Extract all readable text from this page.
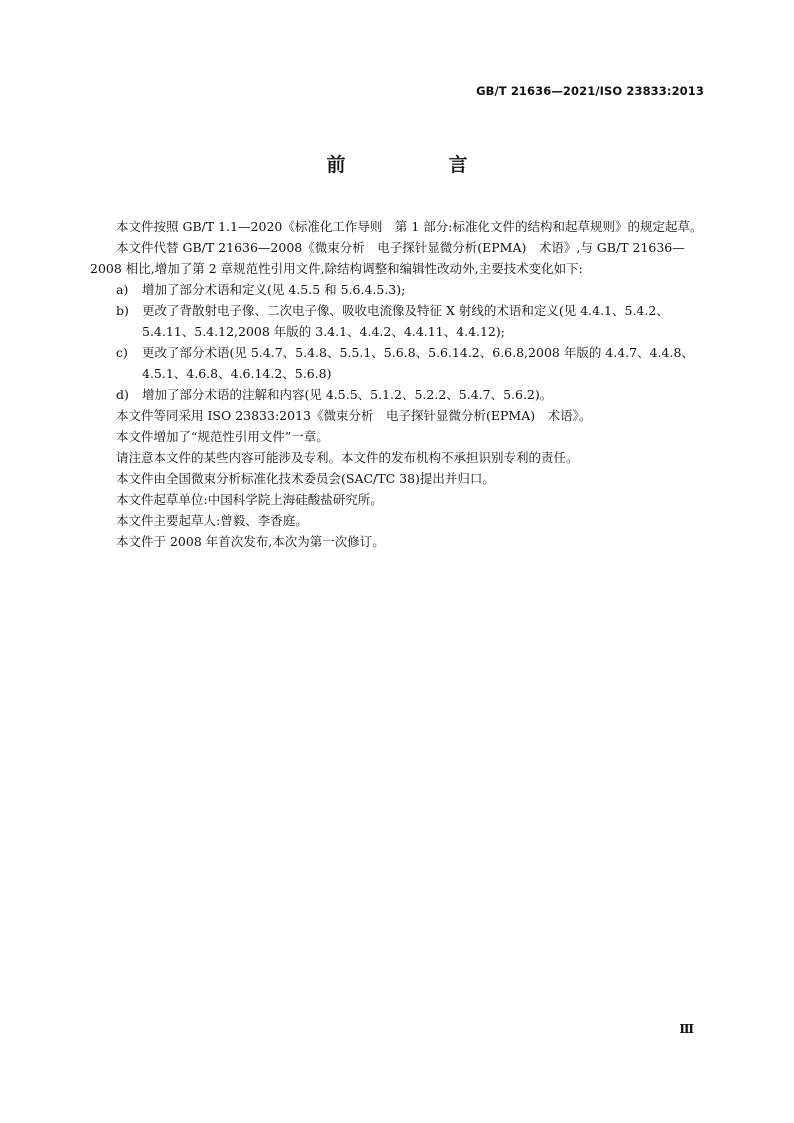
GB/T 21636—2021/ISO 23833:2013
前　言

本文件按照 GB/T 1.1—2020《标准化工作导则　第 1 部分:标准化文件的结构和起草规则》的规定起草。

本文件代替 GB/T 21636—2008《微束分析　电子探针显微分析(EPMA)　术语》,与 GB/T 21636—2008 相比,增加了第 2 章规范性引用文件,除结构调整和编辑性改动外,主要技术变化如下:

a) 增加了部分术语和定义(见 4.5.5 和 5.6.4.5.3);
b) 更改了背散射电子像、二次电子像、吸收电流像及特征 X 射线的术语和定义(见 4.4.1、5.4.2、5.4.11、5.4.12,2008 年版的 3.4.1、4.4.2、4.4.11、4.4.12);
c) 更改了部分术语(见 5.4.7、5.4.8、5.5.1、5.6.8、5.6.14.2、6.6.8,2008 年版的 4.4.7、4.4.8、4.5.1、4.6.8、4.6.14.2、5.6.8)
d) 增加了部分术语的注解和内容(见 4.5.5、5.1.2、5.2.2、5.4.7、5.6.2)。

本文件等同采用 ISO 23833:2013《微束分析　电子探针显微分析(EPMA)　术语》。

本文件增加了“规范性引用文件”一章。

请注意本文件的某些内容可能涉及专利。本文件的发布机构不承担识别专利的责任。

本文件由全国微束分析标准化技术委员会(SAC/TC 38)提出并归口。

本文件起草单位:中国科学院上海硅酸盐研究所。

本文件主要起草人:曾毅、李香庭。

本文件于 2008 年首次发布,本次为第一次修订。

Ⅲ
